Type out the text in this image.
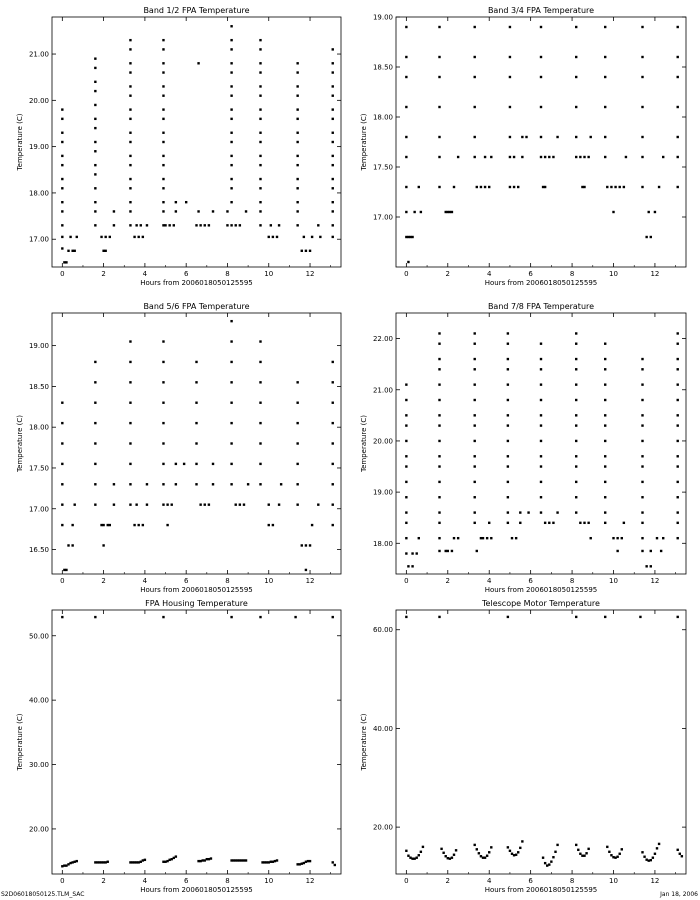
Band 1/2 FPA Temperature
0	2	4	6	8	10	12
17.00
18.00
19.00
20.00
21.00
Hours from 2006018050125595
Temperature (C)
Band 3/4 FPA Temperature
0	2	4	6	8	10	12
17.00
17.50
18.00
18.50
19.00
Hours from 2006018050125595
Temperature (C)
Band 5/6 FPA Temperature
0	2	4	6	8	10	12
16.50
17.00
17.50
18.00
18.50
19.00
Hours from 2006018050125595
Temperature (C)
Band 7/8 FPA Temperature
0	2	4	6	8	10	12
18.00
19.00
20.00
21.00
22.00
Hours from 2006018050125595
Temperature (C)
FPA Housing Temperature
0	2	4	6	8	10	12
20.00
30.00
40.00
50.00
Hours from 2006018050125595
Temperature (C)
Telescope Motor Temperature
0	2	4	6	8	10	12
20.00
40.00
60.00
Hours from 2006018050125595
Temperature (C)
S2D06018050125.TLM_SAC	Jan 18, 2006
